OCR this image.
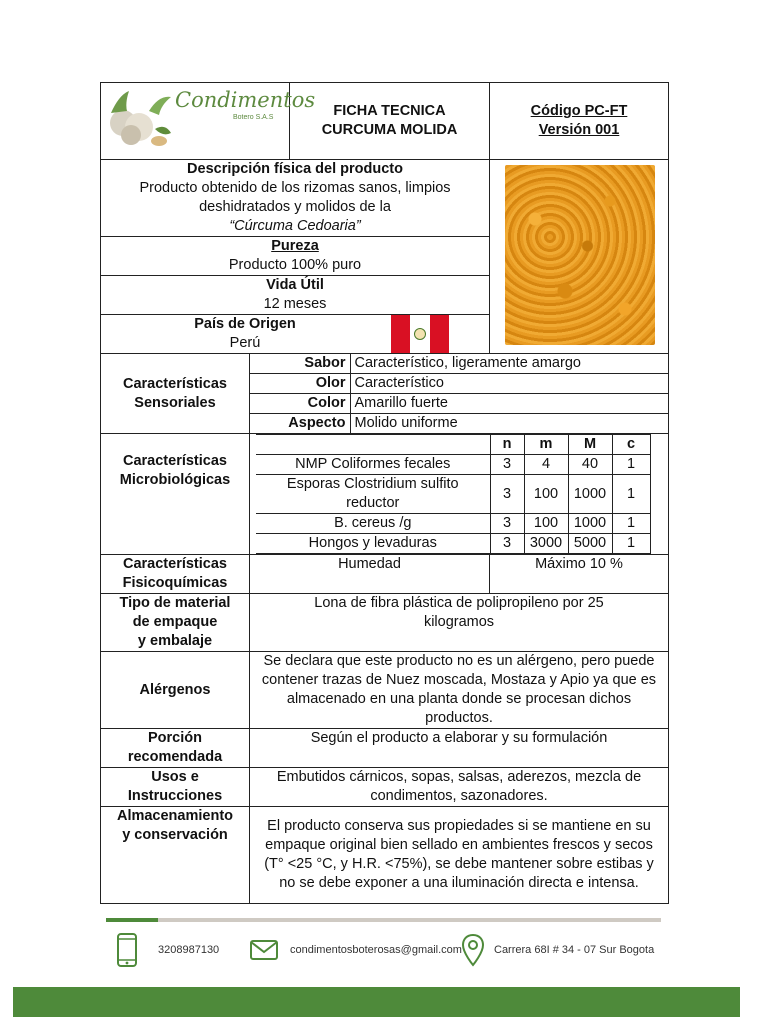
Condimentos
Botero S.A.S	FICHA TECNICA
CURCUMA MOLIDA

Código PC-FT
Versión 001

Descripción física del producto
Producto obtenido de los rizomas sanos, limpios
deshidratados y molidos de la
“Cúrcuma Cedoaria”

Pureza
Producto 100% puro

Vida Útil
12 meses

País de Origen
Perú

Características
Sensoriales

Sabor	Característico, ligeramente amargo
Olor	Característico
Color	Amarillo fuerte
Aspecto	Molido uniforme

Características
Microbiológicas

	n	m	M	c
NMP Coliformes fecales	3	4	40	1
Esporas Clostridium sulfito reductor	3	100	1000	1
B. cereus /g	3	100	1000	1
Hongos y levaduras	3	3000	5000	1

Características
Fisicoquímicas
	Humedad	Máximo 10 %

Tipo de material
de empaque
y embalaje
	Lona de fibra plástica de polipropileno por 25 kilogramos
Alérgenos	Se declara que este producto no es un alérgeno, pero puede contener trazas de Nuez moscada, Mostaza y Apio ya que es almacenado en una planta donde se procesan dichos productos.

Porción
recomendada
	Según el producto a elaborar y su formulación

Usos e
Instrucciones
	Embutidos cárnicos, sopas, salsas, aderezos, mezcla de condimentos, sazonadores.

Almacenamiento
y conservación
	El producto conserva sus propiedades si se mantiene en su empaque original bien sellado en ambientes frescos y secos (T° <25 °C, y H.R. <75%), se debe mantener sobre estibas y no se debe exponer a una iluminación directa e intensa.
3208987130	condimentosboterosas@gmail.com	Carrera 68I # 34 - 07 Sur Bogota
